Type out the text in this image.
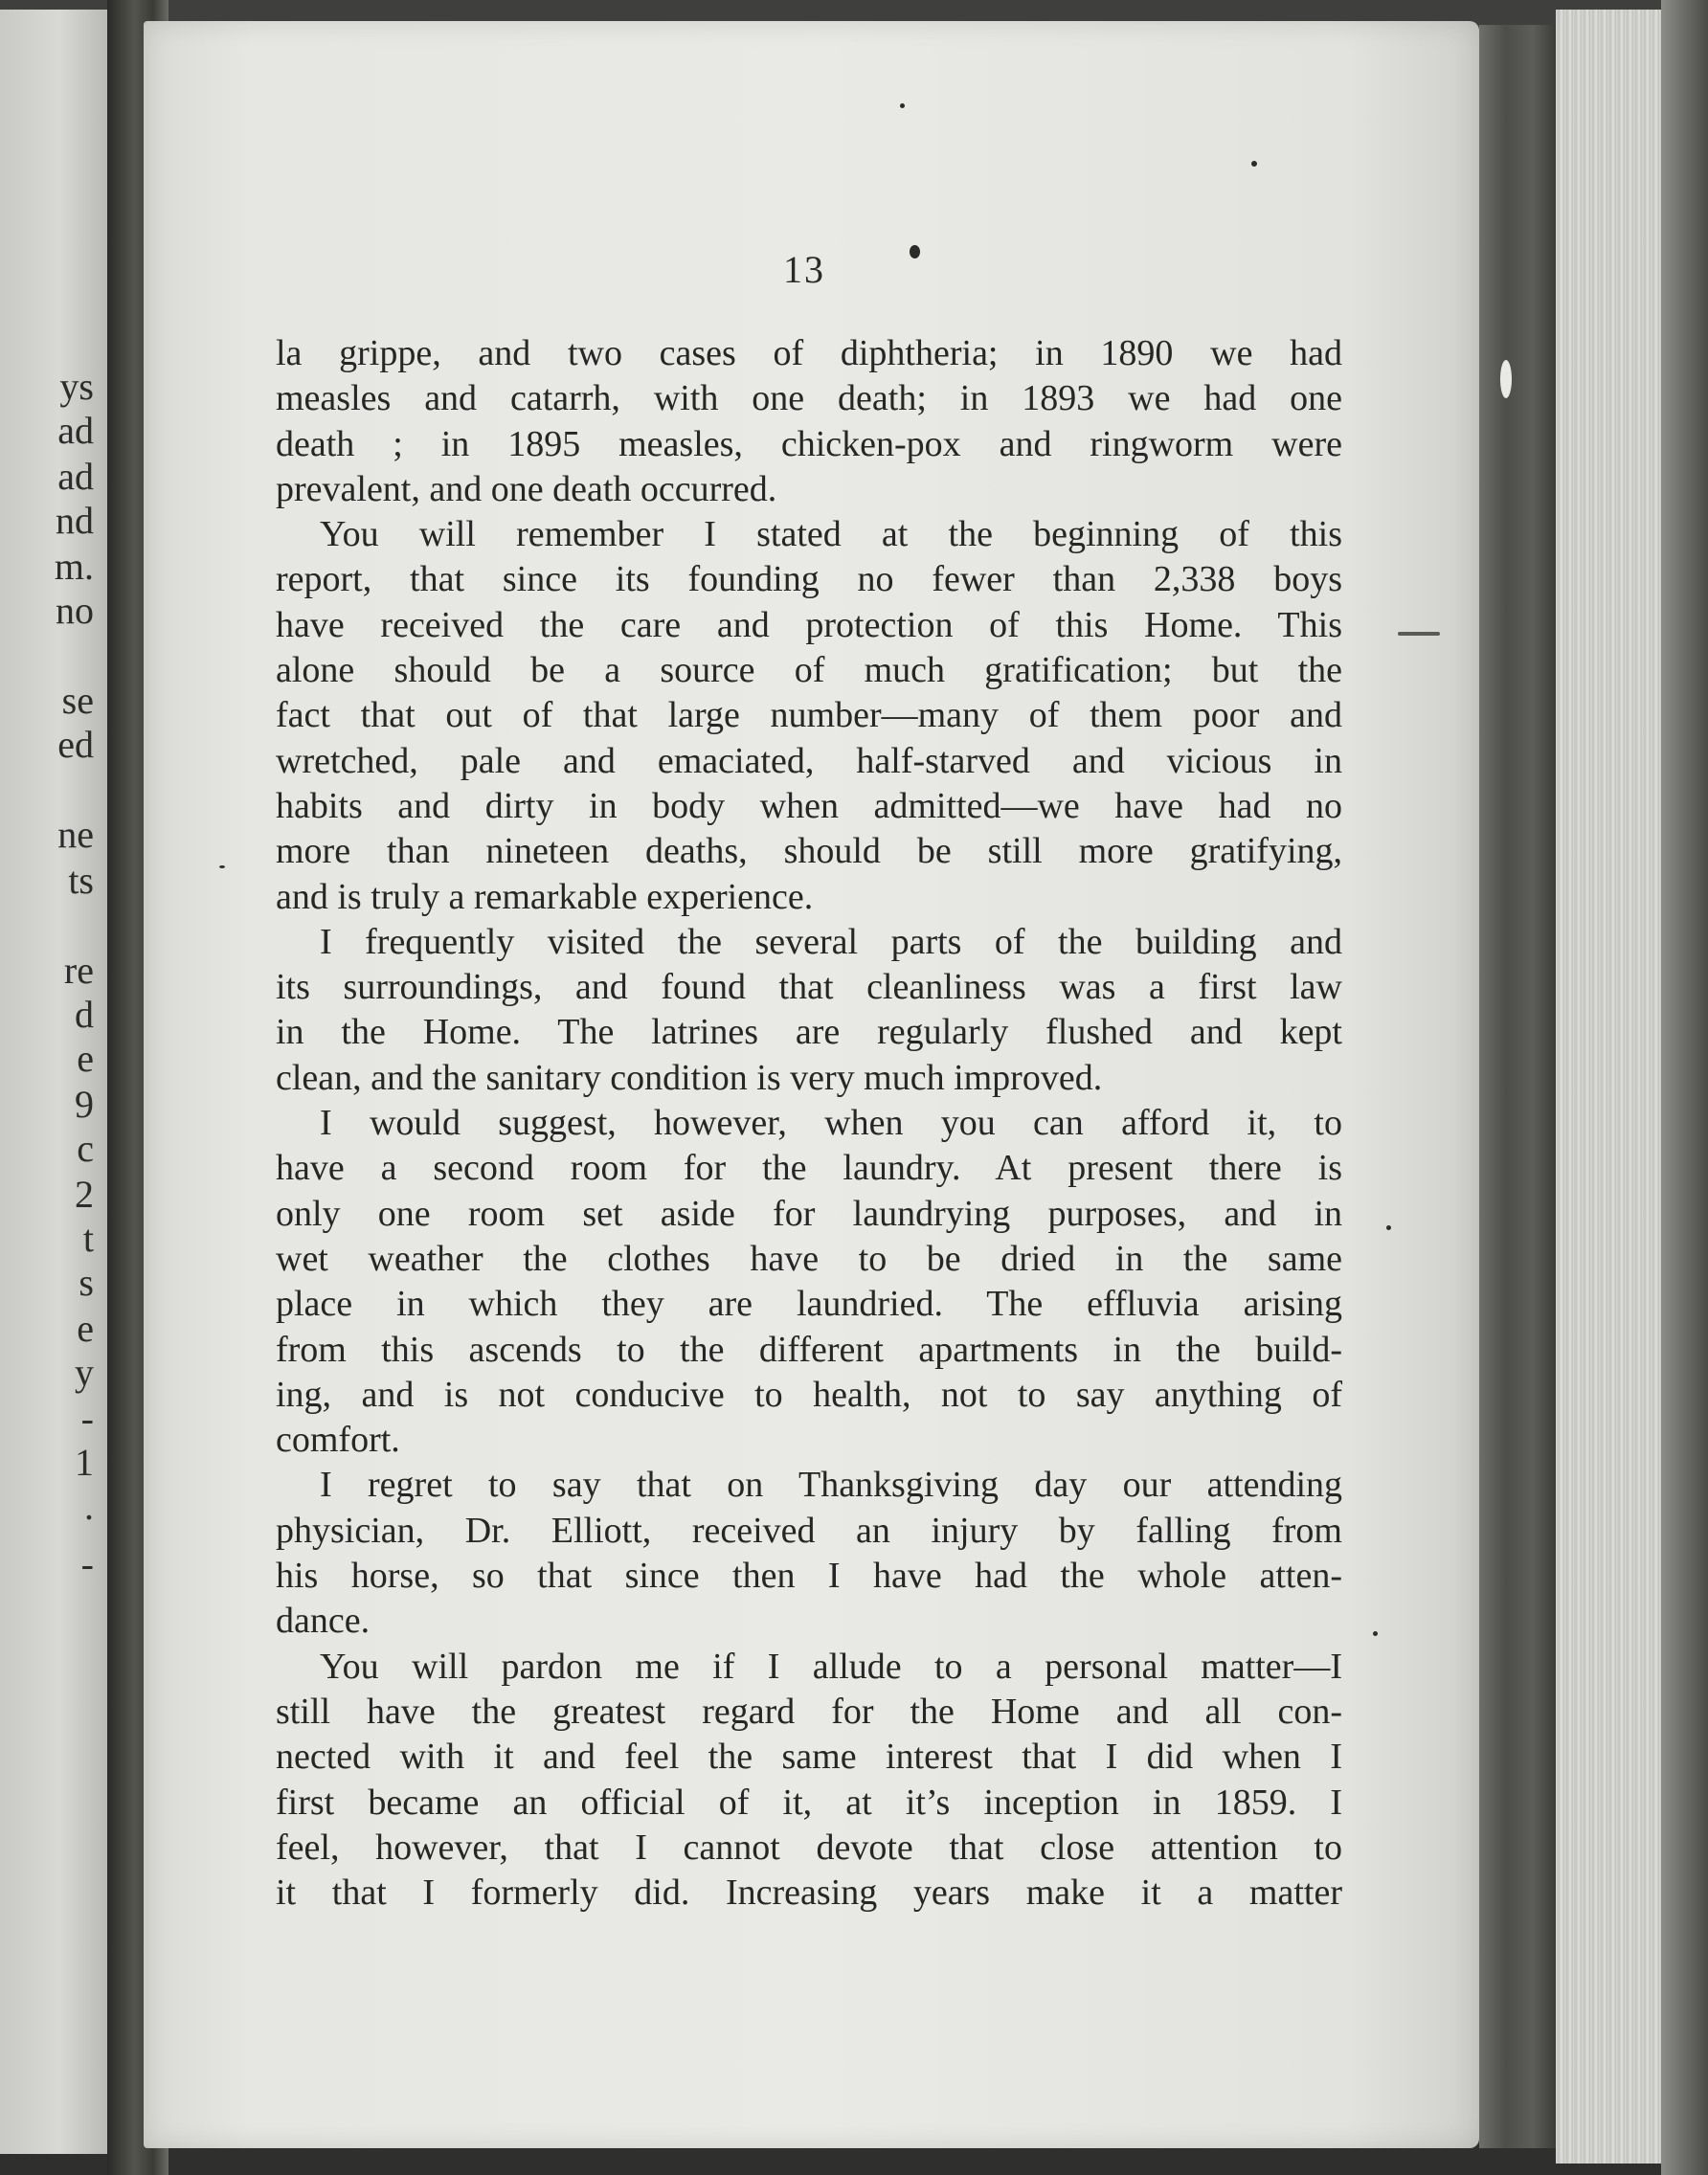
ys
ad
ad
nd
m.
no
se
ed
ne
ts
re
d
e
9
c
2
t
s
e
y
-
1
.
-
13
la grippe, and two cases of diphtheria; in 1890 we had
measles and catarrh, with one death; in 1893 we had one
death ; in 1895 measles, chicken-pox and ringworm were
prevalent, and one death occurred.
You will remember I stated at the beginning of this
report, that since its founding no fewer than 2,338 boys
have received the care and protection of this Home. This
alone should be a source of much gratification; but the
fact that out of that large number—many of them poor and
wretched, pale and emaciated, half-starved and vicious in
habits and dirty in body when admitted—we have had no
more than nineteen deaths, should be still more gratifying,
and is truly a remarkable experience.
I frequently visited the several parts of the building and
its surroundings, and found that cleanliness was a first law
in the Home. The latrines are regularly flushed and kept
clean, and the sanitary condition is very much improved.
I would suggest, however, when you can afford it, to
have a second room for the laundry. At present there is
only one room set aside for laundrying purposes, and in
wet weather the clothes have to be dried in the same
place in which they are laundried. The effluvia arising
from this ascends to the different apartments in the build-
ing, and is not conducive to health, not to say anything of
comfort.
I regret to say that on Thanksgiving day our attending
physician, Dr. Elliott, received an injury by falling from
his horse, so that since then I have had the whole atten-
dance.
You will pardon me if I allude to a personal matter—I
still have the greatest regard for the Home and all con-
nected with it and feel the same interest that I did when I
first became an official of it, at it’s inception in 1859. I
feel, however, that I cannot devote that close attention to
it that I formerly did. Increasing years make it a matter
